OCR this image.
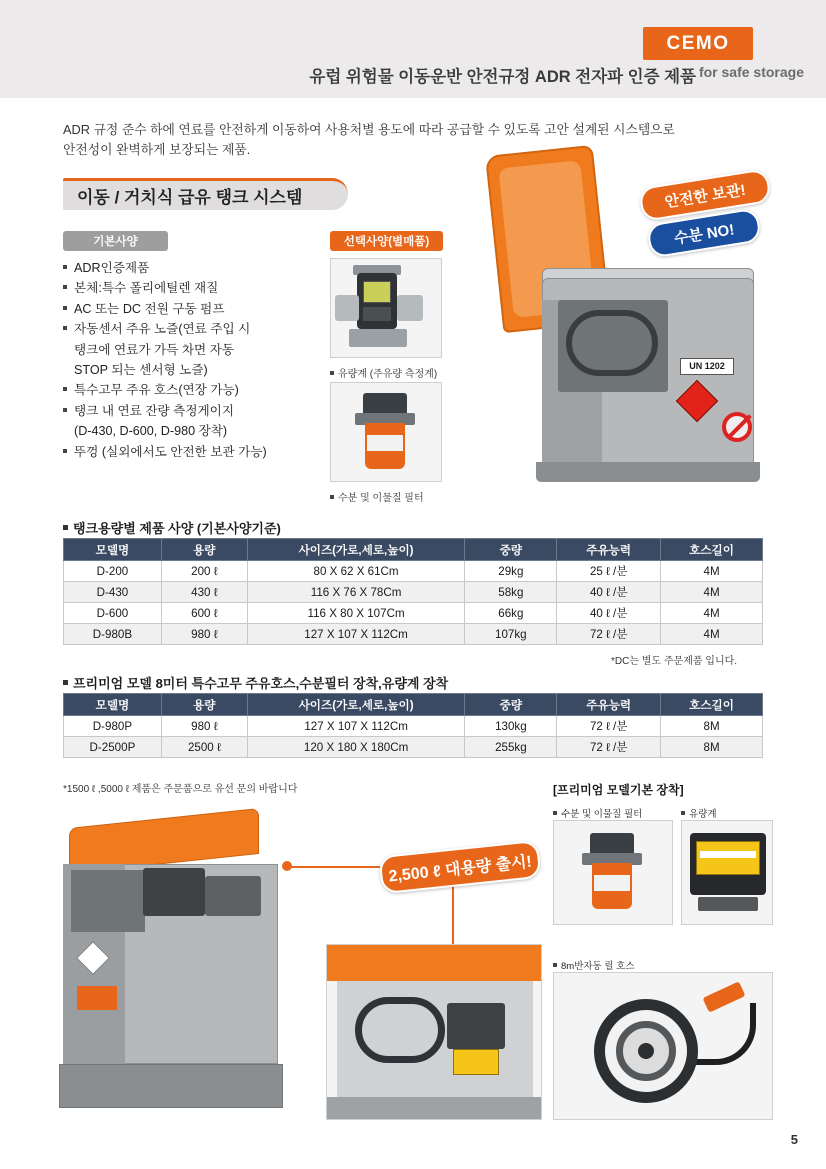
CEMO
유럽 위험물 이동운반 안전규정 ADR 전자파 인증 제품 for safe storage
ADR 규정 준수 하에 연료를 안전하게 이동하여 사용처별 용도에 따라 공급할 수 있도록 고안 설계된 시스템으로
안전성이 완벽하게 보장되는 제품.
이동 / 거치식 급유 탱크 시스템
기본사양	선택사양(별매품)
ADR인증제품
본체:특수 폴리에틸렌 재질
AC 또는 DC 전원 구동 펌프
자동센서 주유 노즐(연료 주입 시
탱크에 연료가 가득 차면 자동
STOP 되는 센서형 노즐)
특수고무 주유 호스(연장 가능)
탱크 내 연료 잔량 측정게이지
(D-430, D-600, D-980 장착)
뚜껑 (실외에서도 안전한 보관 가능)
유량계 (주유량 측정계)
수분 및 이물질 필터
UN 1202
안전한 보관!
수분 NO!
탱크용량별 제품 사양 (기본사양기준)
모델명	용량	사이즈(가로,세로,높이)	중량	주유능력	호스길이
D-200	200 ℓ	80 X 62 X 61Cm	29kg	25 ℓ /분	4M
D-430	430 ℓ	116 X 76 X 78Cm	58kg	40 ℓ /분	4M
D-600	600 ℓ	116 X 80 X 107Cm	66kg	40 ℓ /분	4M
D-980B	980 ℓ	127 X 107 X 112Cm	107kg	72 ℓ /분	4M
*DC는 별도 주문제품 입니다.
프리미엄 모델 8미터 특수고무 주유호스,수분필터 장착,유량계 장착
모델명	용량	사이즈(가로,세로,높이)	중량	주유능력	호스길이
D-980P	980 ℓ	127 X 107 X 112Cm	130kg	72 ℓ /분	8M
D-2500P	2500 ℓ	120 X 180 X 180Cm	255kg	72 ℓ /분	8M
*1500 ℓ ,5000 ℓ 제품은 주문품으로 유선 문의 바랍니다
2,500 ℓ 대용량 출시!
[프리미엄 모델기본 장착]
수분 및 이물질 필터	유량계
8m반자동 릴 호스
5
